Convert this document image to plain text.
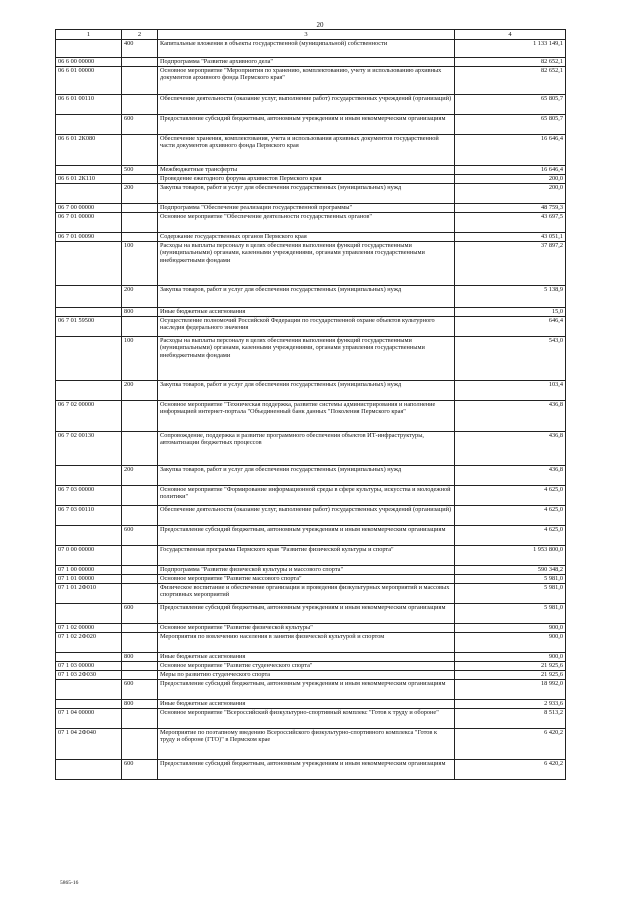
20
1	2	3	4
	400	Капитальные вложения в объекты государственной (муниципальной) собственности	1 133 149,1
06 6 00 00000		Подпрограмма "Развитие архивного дела"	82 652,1
06 6 01 00000		Основное мероприятие "Мероприятия по хранению, комплектованию, учету и использованию архивных документов архивного фонда Пермского края"	82 652,1
06 6 01 00110		Обеспечение деятельности (оказание услуг, выполнение работ) государственных учреждений (организаций)	65 805,7
	600	Предоставление субсидий бюджетным, автономным учреждениям и иным некоммерческим организациям	65 805,7
06 6 01 2К080		Обеспечение хранения, комплектования, учета и использования архивных документов государственной части документов архивного фонда Пермского края	16 646,4
	500	Межбюджетные трансферты	16 646,4
06 6 01 2К110		Проведение ежегодного форума архивистов Пермского края	200,0
	200	Закупка товаров, работ и услуг для обеспечения государственных (муниципальных) нужд	200,0
06 7 00 00000		Подпрограмма "Обеспечение реализации государственной программы"	48 759,3
06 7 01 00000		Основное мероприятие "Обеспечение деятельности государственных органов"	43 697,5
06 7 01 00090		Содержание государственных органов Пермского края	43 051,1
	100	Расходы на выплаты персоналу в целях обеспечения выполнения функций государственными (муниципальными) органами, казенными учреждениями, органами управления государственными внебюджетными фондами	37 897,2
	200	Закупка товаров, работ и услуг для обеспечения государственных (муниципальных) нужд	5 138,9
	800	Иные бюджетные ассигнования	15,0
06 7 01 59500		Осуществление полномочий Российской Федерации по государственной охране объектов культурного наследия федерального значения	646,4
	100	Расходы на выплаты персоналу в целях обеспечения выполнения функций государственными (муниципальными) органами, казенными учреждениями, органами управления государственными внебюджетными фондами	543,0
	200	Закупка товаров, работ и услуг для обеспечения государственных (муниципальных) нужд	103,4
06 7 02 00000		Основное мероприятие "Техническая поддержка, развитие системы администрирования и наполнение информацией интернет-портала "Объединенный банк данных "Поколения Пермского края"	436,8
06 7 02 00130		Сопровождение, поддержка и развитие программного обеспечения объектов ИТ-инфраструктуры, автоматизации бюджетных процессов	436,8
	200	Закупка товаров, работ и услуг для обеспечения государственных (муниципальных) нужд	436,8
06 7 03 00000		Основное мероприятие "Формирование информационной среды в сфере культуры, искусства и молодежной политики"	4 625,0
06 7 03 00110		Обеспечение деятельности (оказание услуг, выполнение работ) государственных учреждений (организаций)	4 625,0
	600	Предоставление субсидий бюджетным, автономным учреждениям и иным некоммерческим организациям	4 625,0
07 0 00 00000		Государственная программа Пермского края "Развитие физической культуры и спорта"	1 953 800,0
07 1 00 00000		Подпрограмма "Развитие физической культуры и массового спорта"	590 348,2
07 1 01 00000		Основное мероприятие "Развитие массового спорта"	5 981,0
07 1 01 2Ф010		Физическое воспитание и обеспечение организации и проведения физкультурных мероприятий и массовых спортивных мероприятий	5 981,0
	600	Предоставление субсидий бюджетным, автономным учреждениям и иным некоммерческим организациям	5 981,0
07 1 02 00000		Основное мероприятие "Развитие физической культуры"	900,0
07 1 02 2Ф020		Мероприятия по вовлечению населения в занятия физической культурой и спортом	900,0
	800	Иные бюджетные ассигнования	900,0
07 1 03 00000		Основное мероприятие "Развитие студенческого спорта"	21 925,6
07 1 03 2Ф030		Меры по развитию студенческого спорта	21 925,6
	600	Предоставление субсидий бюджетным, автономным учреждениям и иным некоммерческим организациям	18 992,0
	800	Иные бюджетные ассигнования	2 933,6
07 1 04 00000		Основное мероприятие "Всероссийский физкультурно-спортивный комплекс "Готов к труду и обороне"	8 513,2
07 1 04 2Ф040		Мероприятие по поэтапному введению Всероссийского физкультурно-спортивного комплекса "Готов к труду и обороне (ГТО)" в Пермском крае	6 420,2
	600	Предоставление субсидий бюджетным, автономным учреждениям и иным некоммерческим организациям	6 420,2
5865-16
